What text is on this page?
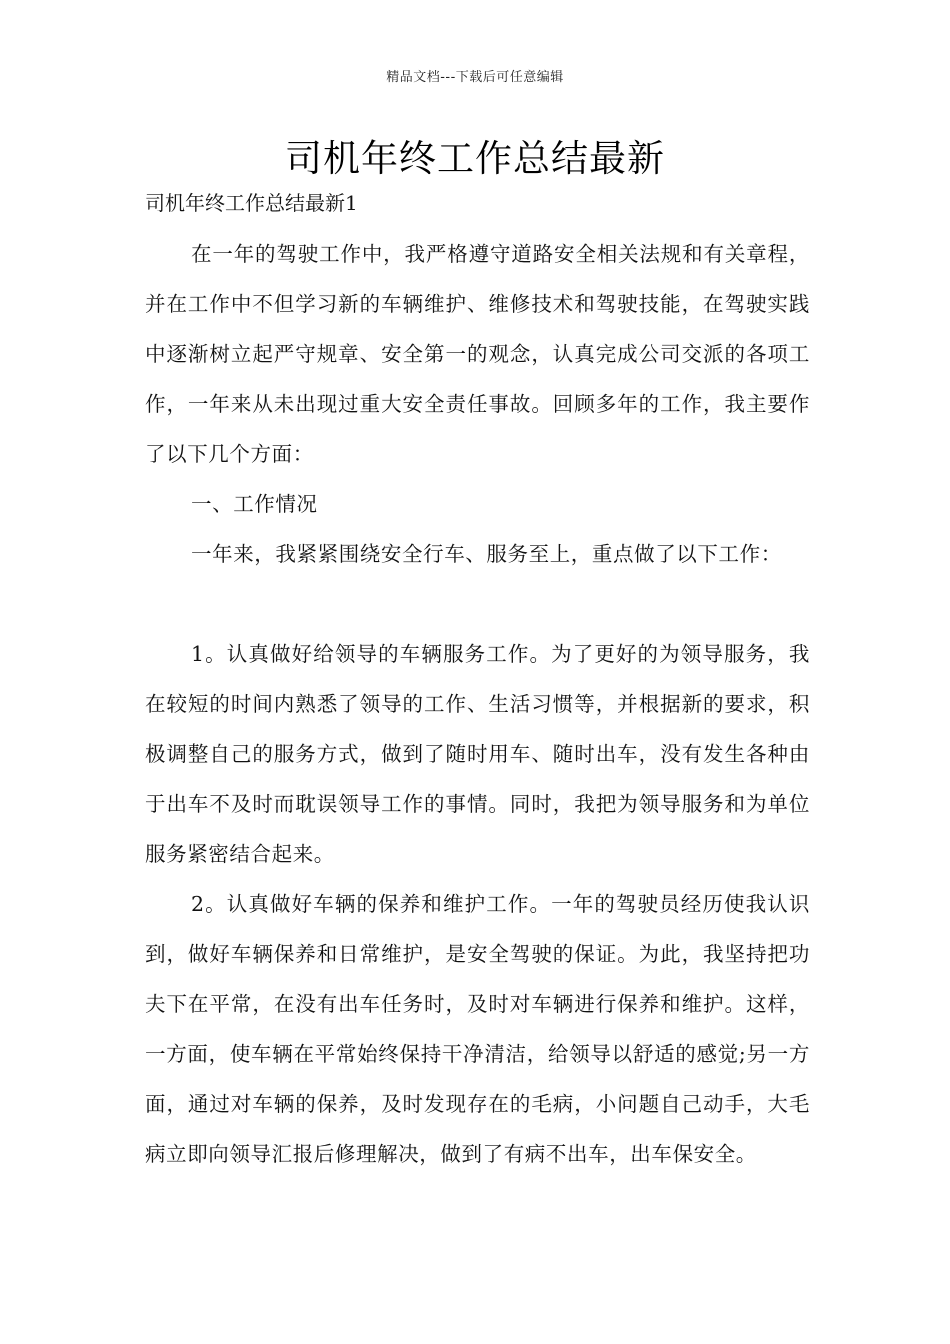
精品文档---下载后可任意编辑
司机年终工作总结最新
司机年终工作总结最新1

在一年的驾驶工作中，我严格遵守道路安全相关法规和有关章程，并在工作中不但学习新的车辆维护、维修技术和驾驶技能，在驾驶实践中逐渐树立起严守规章、安全第一的观念，认真完成公司交派的各项工作，一年来从未出现过重大安全责任事故。回顾多年的工作，我主要作了以下几个方面：

一、工作情况

一年来，我紧紧围绕安全行车、服务至上，重点做了以下工作：

1。认真做好给领导的车辆服务工作。为了更好的为领导服务，我在较短的时间内熟悉了领导的工作、生活习惯等，并根据新的要求，积极调整自己的服务方式，做到了随时用车、随时出车，没有发生各种由于出车不及时而耽误领导工作的事情。同时，我把为领导服务和为单位服务紧密结合起来。

2。认真做好车辆的保养和维护工作。一年的驾驶员经历使我认识到，做好车辆保养和日常维护，是安全驾驶的保证。为此，我坚持把功夫下在平常，在没有出车任务时，及时对车辆进行保养和维护。这样，一方面，使车辆在平常始终保持干净清洁，给领导以舒适的感觉;另一方面，通过对车辆的保养，及时发现存在的毛病，小问题自己动手，大毛病立即向领导汇报后修理解决，做到了有病不出车，出车保安全。
